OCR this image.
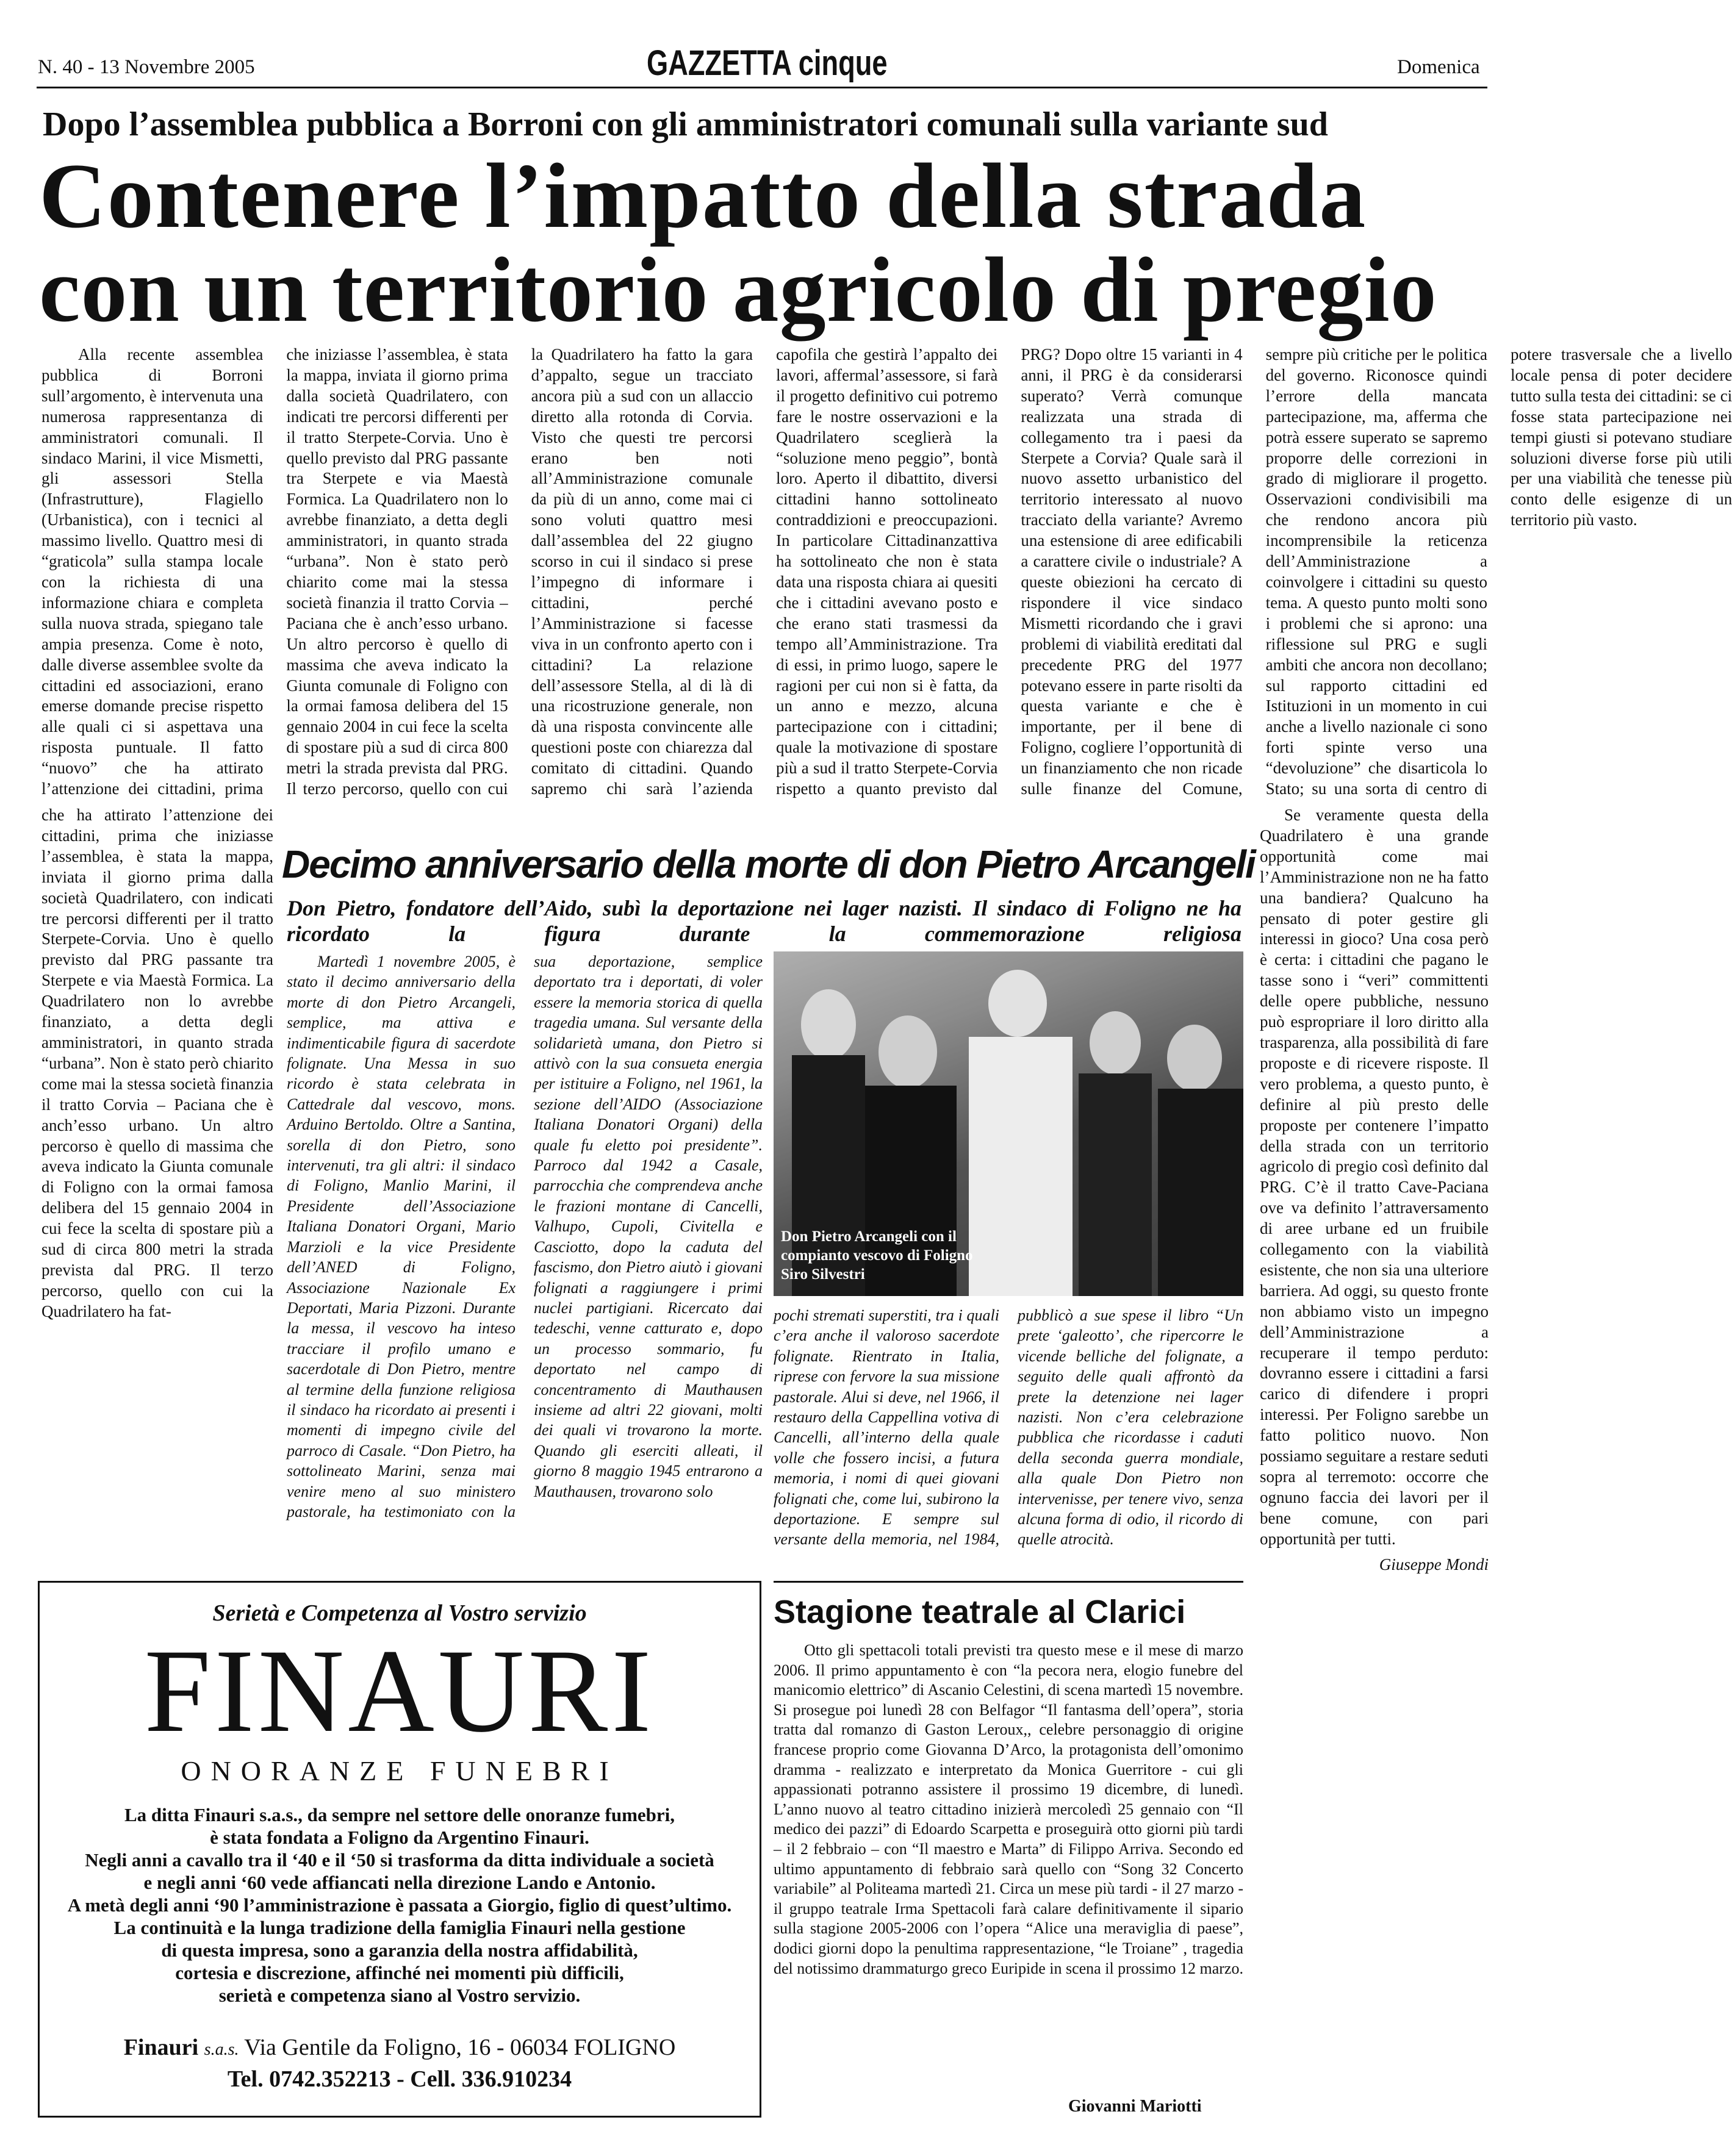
N. 40 - 13 Novembre 2005	GAZZETTA cinque	Domenica
Dopo l’assemblea pubblica a Borroni con gli amministratori comunali sulla variante sud
Contenere l’impatto della strada
con un territorio agricolo di pregio

Alla recente assemblea pubblica di Borroni sull’argomento, è intervenuta una numerosa rappresentanza di amministratori comunali. Il sindaco Marini, il vice Mismetti, gli assessori Stella (Infrastrutture), Flagiello (Urbanistica), con i tecnici al massimo livello. Quattro mesi di “graticola” sulla stampa locale con la richiesta di una informazione chiara e completa sulla nuova strada, spiegano tale ampia presenza. Come è noto, dalle diverse assemblee svolte da cittadini ed associazioni, erano emerse domande precise rispetto alle quali ci si aspettava una risposta puntuale. Il fatto “nuovo” che ha attirato l’attenzione dei cittadini, prima che iniziasse l’assemblea, è stata la mappa, inviata il giorno prima dalla società Quadrilatero, con indicati tre percorsi differenti per il tratto Sterpete-Corvia. Uno è quello previsto dal PRG passante tra Sterpete e via Maestà Formica. La Quadrilatero non lo avrebbe finanziato, a detta degli amministratori, in quanto strada “urbana”. Non è stato però chiarito come mai la stessa società finanzia il tratto Corvia – Paciana che è anch’esso urbano. Un altro percorso è quello di massima che aveva indicato la Giunta comunale di Foligno con la ormai famosa delibera del 15 gennaio 2004 in cui fece la scelta di spostare più a sud di circa 800 metri la strada prevista dal PRG. Il terzo percorso, quello con cui la Quadrilatero ha fatto la gara d’appalto, segue un tracciato ancora più a sud con un allaccio diretto alla rotonda di Corvia. Visto che questi tre percorsi erano ben noti all’Amministrazione comunale da più di un anno, come mai ci sono voluti quattro mesi dall’assemblea del 22 giugno scorso in cui il sindaco si prese l’impegno di informare i cittadini, perché l’Amministrazione si facesse viva in un confronto aperto con i cittadini? La relazione dell’assessore Stella, al di là di una ricostruzione generale, non dà una risposta convincente alle questioni poste con chiarezza dal comitato di cittadini. Quando sapremo chi sarà l’azienda capofila che gestirà l’appalto dei lavori, affermal’assessore, si farà il progetto definitivo cui potremo fare le nostre osservazioni e la Quadrilatero sceglierà la “soluzione meno peggio”, bontà loro. Aperto il dibattito, diversi cittadini hanno sottolineato contraddizioni e preoccupazioni. In particolare Cittadinanzattiva ha sottolineato che non è stata data una risposta chiara ai quesiti che i cittadini avevano posto e che erano stati trasmessi da tempo all’Amministrazione. Tra di essi, in primo luogo, sapere le ragioni per cui non si è fatta, da un anno e mezzo, alcuna partecipazione con i cittadini; quale la motivazione di spostare più a sud il tratto Sterpete-Corvia rispetto a quanto previsto dal PRG? Dopo oltre 15 varianti in 4 anni, il PRG è da considerarsi superato? Verrà comunque realizzata una strada di collegamento tra i paesi da Sterpete a Corvia? Quale sarà il nuovo assetto urbanistico del territorio interessato al nuovo tracciato della variante? Avremo una estensione di aree edificabili a carattere civile o industriale? A queste obiezioni ha cercato di rispondere il vice sindaco Mismetti ricordando che i gravi problemi di viabilità ereditati dal precedente PRG del 1977 potevano essere in parte risolti da questa variante e che è importante, per il bene di Foligno, cogliere l’opportunità di un finanziamento che non ricade sulle finanze del Comune, sempre più critiche per le politica del governo. Riconosce quindi l’errore della mancata partecipazione, ma, afferma che potrà essere superato se sapremo proporre delle correzioni in grado di migliorare il progetto. Osservazioni condivisibili ma che rendono ancora più incomprensibile la reticenza dell’Amministrazione a coinvolgere i cittadini su questo tema. A questo punto molti sono i problemi che si aprono: una riflessione sul PRG e sugli ambiti che ancora non decollano; sul rapporto cittadini ed Istituzioni in un momento in cui anche a livello nazionale ci sono forti spinte verso una “devoluzione” che disarticola lo Stato; su una sorta di centro di potere trasversale che a livello locale pensa di poter decidere tutto sulla testa dei cittadini: se ci fosse stata partecipazione nei tempi giusti si potevano studiare soluzioni diverse forse più utili per una viabilità che tenesse più conto delle esigenze di un territorio più vasto.

che ha attirato l’attenzione dei cittadini, prima che iniziasse l’assemblea, è stata la mappa, inviata il giorno prima dalla società Quadrilatero, con indicati tre percorsi differenti per il tratto Sterpete-Corvia. Uno è quello previsto dal PRG passante tra Sterpete e via Maestà Formica. La Quadrilatero non lo avrebbe finanziato, a detta degli amministratori, in quanto strada “urbana”. Non è stato però chiarito come mai la stessa società finanzia il tratto Corvia – Paciana che è anch’esso urbano. Un altro percorso è quello di massima che aveva indicato la Giunta comunale di Foligno con la ormai famosa delibera del 15 gennaio 2004 in cui fece la scelta di spostare più a sud di circa 800 metri la strada prevista dal PRG. Il terzo percorso, quello con cui la Quadrilatero ha fat-

Se veramente questa della Quadrilatero è una grande opportunità come mai l’Amministrazione non ne ha fatto una bandiera? Qualcuno ha pensato di poter gestire gli interessi in gioco? Una cosa però è certa: i cittadini che pagano le tasse sono i “veri” committenti delle opere pubbliche, nessuno può espropriare il loro diritto alla trasparenza, alla possibilità di fare proposte e di ricevere risposte. Il vero problema, a questo punto, è definire al più presto delle proposte per contenere l’impatto della strada con un territorio agricolo di pregio così definito dal PRG. C’è il tratto Cave-Paciana ove va definito l’attraversamento di aree urbane ed un fruibile collegamento con la viabilità esistente, che non sia una ulteriore barriera. Ad oggi, su questo fronte non abbiamo visto un impegno dell’Amministrazione a recuperare il tempo perduto: dovranno essere i cittadini a farsi carico di difendere i propri interessi. Per Foligno sarebbe un fatto politico nuovo. Non possiamo seguitare a restare seduti sopra al terremoto: occorre che ognuno faccia dei lavori per il bene comune, con pari opportunità per tutti.

Giuseppe Mondi
Decimo anniversario della morte di don Pietro Arcangeli
Don Pietro, fondatore dell’Aido, subì la deportazione nei lager nazisti. Il sindaco di Foligno ne ha ricordato la figura durante la commemorazione religiosa

Martedì 1 novembre 2005, è stato il decimo anniversario della morte di don Pietro Arcangeli, semplice, ma attiva e indimenticabile figura di sacerdote folignate. Una Messa in suo ricordo è stata celebrata in Cattedrale dal vescovo, mons. Arduino Bertoldo. Oltre a Santina, sorella di don Pietro, sono intervenuti, tra gli altri: il sindaco di Foligno, Manlio Marini, il Presidente dell’Associazione Italiana Donatori Organi, Mario Marzioli e la vice Presidente dell’ANED di Foligno, Associazione Nazionale Ex Deportati, Maria Pizzoni. Durante la messa, il vescovo ha inteso tracciare il profilo umano e sacerdotale di Don Pietro, mentre al termine della funzione religiosa il sindaco ha ricordato ai presenti i momenti di impegno civile del parroco di Casale. “Don Pietro, ha sottolineato Marini, senza mai venire meno al suo ministero pastorale, ha testimoniato con la sua deportazione, semplice deportato tra i deportati, di voler essere la memoria storica di quella tragedia umana. Sul versante della solidarietà umana, don Pietro si attivò con la sua consueta energia per istituire a Foligno, nel 1961, la sezione dell’AIDO (Associazione Italiana Donatori Organi) della quale fu eletto poi presidente”. Parroco dal 1942 a Casale, parrocchia che comprendeva anche le frazioni montane di Cancelli, Valhupo, Cupoli, Civitella e Casciotto, dopo la caduta del fascismo, don Pietro aiutò i giovani folignati a raggiungere i primi nuclei partigiani. Ricercato dai tedeschi, venne catturato e, dopo un processo sommario, fu deportato nel campo di concentramento di Mauthausen insieme ad altri 22 giovani, molti dei quali vi trovarono la morte. Quando gli eserciti alleati, il giorno 8 maggio 1945 entrarono a Mauthausen, trovarono solo

Don Pietro Arcangeli con il compianto vescovo di Foligno Siro Silvestri

pochi stremati superstiti, tra i quali c’era anche il valoroso sacerdote folignate. Rientrato in Italia, riprese con fervore la sua missione pastorale. Alui si deve, nel 1966, il restauro della Cappellina votiva di Cancelli, all’interno della quale volle che fossero incisi, a futura memoria, i nomi di quei giovani folignati che, come lui, subirono la deportazione. E sempre sul versante della memoria, nel 1984, pubblicò a sue spese il libro “Un prete ‘galeotto’, che ripercorre le vicende belliche del folignate, a seguito delle quali affrontò da prete la detenzione nei lager nazisti. Non c’era celebrazione pubblica che ricordasse i caduti della seconda guerra mondiale, alla quale Don Pietro non intervenisse, per tenere vivo, senza alcuna forma di odio, il ricordo di quelle atrocità.

Serietà e Competenza al Vostro servizio
FINAURI
ONORANZE FUNEBRI
La ditta Finauri s.a.s., da sempre nel settore delle onoranze fumebri,
è stata fondata a Foligno da Argentino Finauri.
Negli anni a cavallo tra il ‘40 e il ‘50 si trasforma da ditta individuale a società
e negli anni ‘60 vede affiancati nella direzione Lando e Antonio.
A metà degli anni ‘90 l’amministrazione è passata a Giorgio, figlio di quest’ultimo.
La continuità e la lunga tradizione della famiglia Finauri nella gestione
di questa impresa, sono a garanzia della nostra affidabilità,
cortesia e discrezione, affinché nei momenti più difficili,
serietà e competenza siano al Vostro servizio.
Finauri s.a.s. Via Gentile da Foligno, 16 - 06034 FOLIGNO
Tel. 0742.352213 - Cell. 336.910234
Stagione teatrale al Clarici

Otto gli spettacoli totali previsti tra questo mese e il mese di marzo 2006. Il primo appuntamento è con “la pecora nera, elogio funebre del manicomio elettrico” di Ascanio Celestini, di scena martedì 15 novembre. Si prosegue poi lunedì 28 con Belfagor “Il fantasma dell’opera”, storia tratta dal romanzo di Gaston Leroux,, celebre personaggio di origine francese proprio come Giovanna D’Arco, la protagonista dell’omonimo dramma - realizzato e interpretato da Monica Guerritore - cui gli appassionati potranno assistere il prossimo 19 dicembre, di lunedì. L’anno nuovo al teatro cittadino inizierà mercoledì 25 gennaio con “Il medico dei pazzi” di Edoardo Scarpetta e proseguirà otto giorni più tardi – il 2 febbraio – con “Il maestro e Marta” di Filippo Arriva. Secondo ed ultimo appuntamento di febbraio sarà quello con “Song 32 Concerto variabile” al Politeama martedì 21. Circa un mese più tardi - il 27 marzo - il gruppo teatrale Irma Spettacoli farà calare definitivamente il sipario sulla stagione 2005-2006 con l’opera “Alice una meraviglia di paese”, dodici giorni dopo la penultima rappresentazione, “le Troiane” , tragedia del notissimo drammaturgo greco Euripide in scena il prossimo 12 marzo.

Giovanni Mariotti
